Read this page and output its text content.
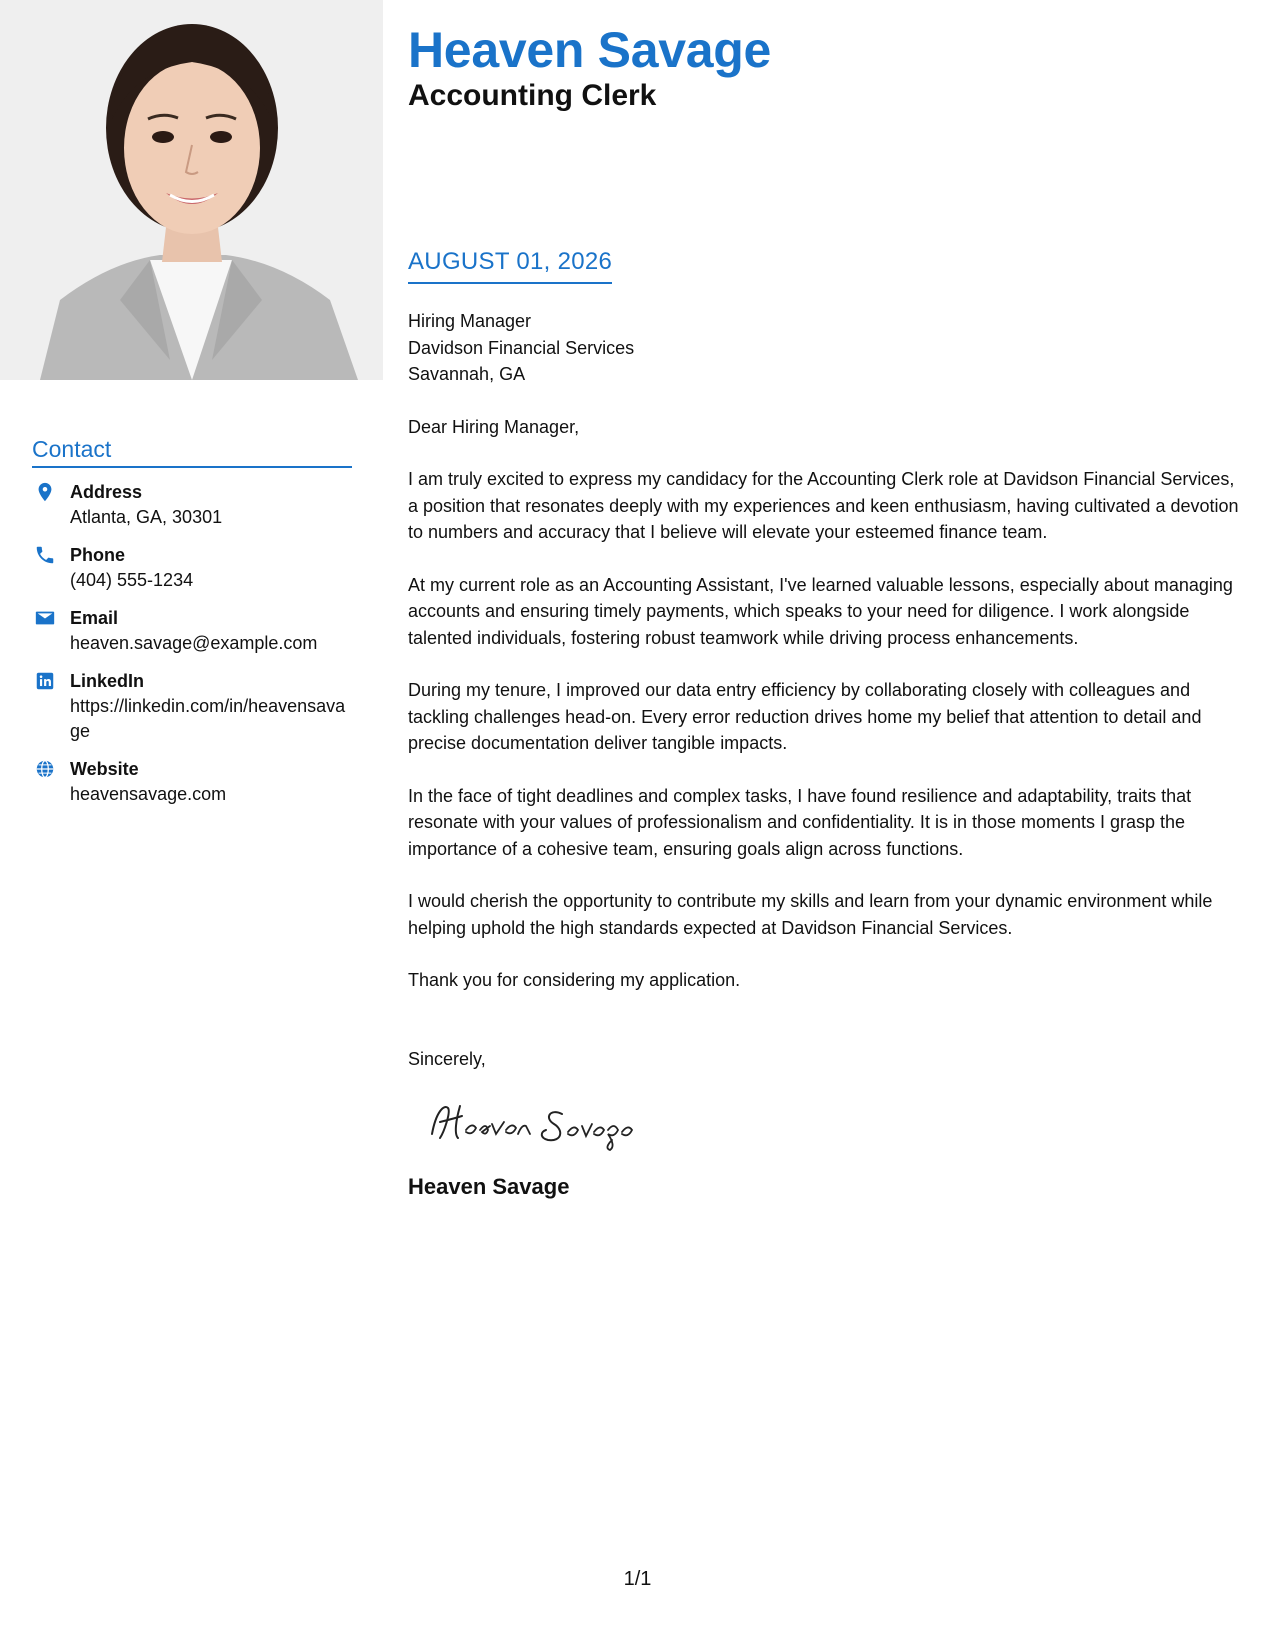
Contact
Address
Atlanta, GA, 30301
Phone
(404) 555-1234
Email
heaven.savage@example.com
LinkedIn
https://linkedin.com/in/heavensavage
Website
heavensavage.com
Heaven Savage
Accounting Clerk
AUGUST 01, 2026
Hiring Manager
Davidson Financial Services
Savannah, GA

Dear Hiring Manager,

I am truly excited to express my candidacy for the Accounting Clerk role at Davidson Financial Services, a position that resonates deeply with my experiences and keen enthusiasm, having cultivated a devotion to numbers and accuracy that I believe will elevate your esteemed finance team.

At my current role as an Accounting Assistant, I've learned valuable lessons, especially about managing accounts and ensuring timely payments, which speaks to your need for diligence. I work alongside talented individuals, fostering robust teamwork while driving process enhancements.

During my tenure, I improved our data entry efficiency by collaborating closely with colleagues and tackling challenges head-on. Every error reduction drives home my belief that attention to detail and precise documentation deliver tangible impacts.

In the face of tight deadlines and complex tasks, I have found resilience and adaptability, traits that resonate with your values of professionalism and confidentiality. It is in those moments I grasp the importance of a cohesive team, ensuring goals align across functions.

I would cherish the opportunity to contribute my skills and learn from your dynamic environment while helping uphold the high standards expected at Davidson Financial Services.

Thank you for considering my application.

Sincerely,
Heaven Savage
1/1
